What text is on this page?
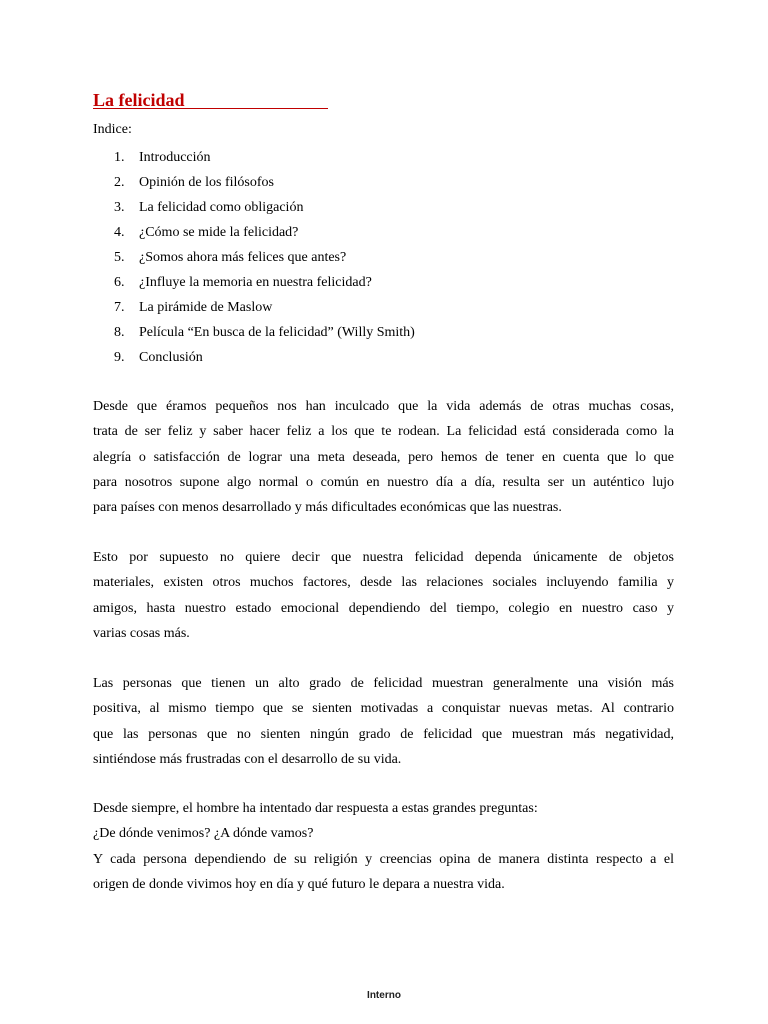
La felicidad

Indice:

1.	Introducción
2.	Opinión de los filósofos
3.	La felicidad como obligación
4.	¿Cómo se mide la felicidad?
5.	¿Somos ahora más felices que antes?
6.	¿Influye la memoria en nuestra felicidad?
7.	La pirámide de Maslow
8.	Película “En busca de la felicidad” (Willy Smith)
9.	Conclusión

Desde que éramos pequeños nos han inculcado que la vida además de otras muchas cosas,
trata de ser feliz y saber hacer feliz a los que te rodean. La felicidad está considerada como la
alegría o satisfacción de lograr una meta deseada, pero hemos de tener en cuenta que lo que
para nosotros supone algo normal o común en nuestro día a día, resulta ser un auténtico lujo
para países con menos desarrollado y más dificultades económicas que las nuestras.

Esto por supuesto no quiere decir que nuestra felicidad dependa únicamente de objetos
materiales, existen otros muchos factores, desde las relaciones sociales incluyendo familia y
amigos, hasta nuestro estado emocional dependiendo del tiempo, colegio en nuestro caso y
varias cosas más.

Las personas que tienen un alto grado de felicidad muestran generalmente una visión más
positiva, al mismo tiempo que se sienten motivadas a conquistar nuevas metas. Al contrario
que las personas que no sienten ningún grado de felicidad que muestran más negatividad,
sintiéndose más frustradas con el desarrollo de su vida.

Desde siempre, el hombre ha intentado dar respuesta a estas grandes preguntas:
¿De dónde venimos? ¿A dónde vamos?
Y cada persona dependiendo de su religión y creencias opina de manera distinta respecto a el
origen de donde vivimos hoy en día y qué futuro le depara a nuestra vida.

Interno
